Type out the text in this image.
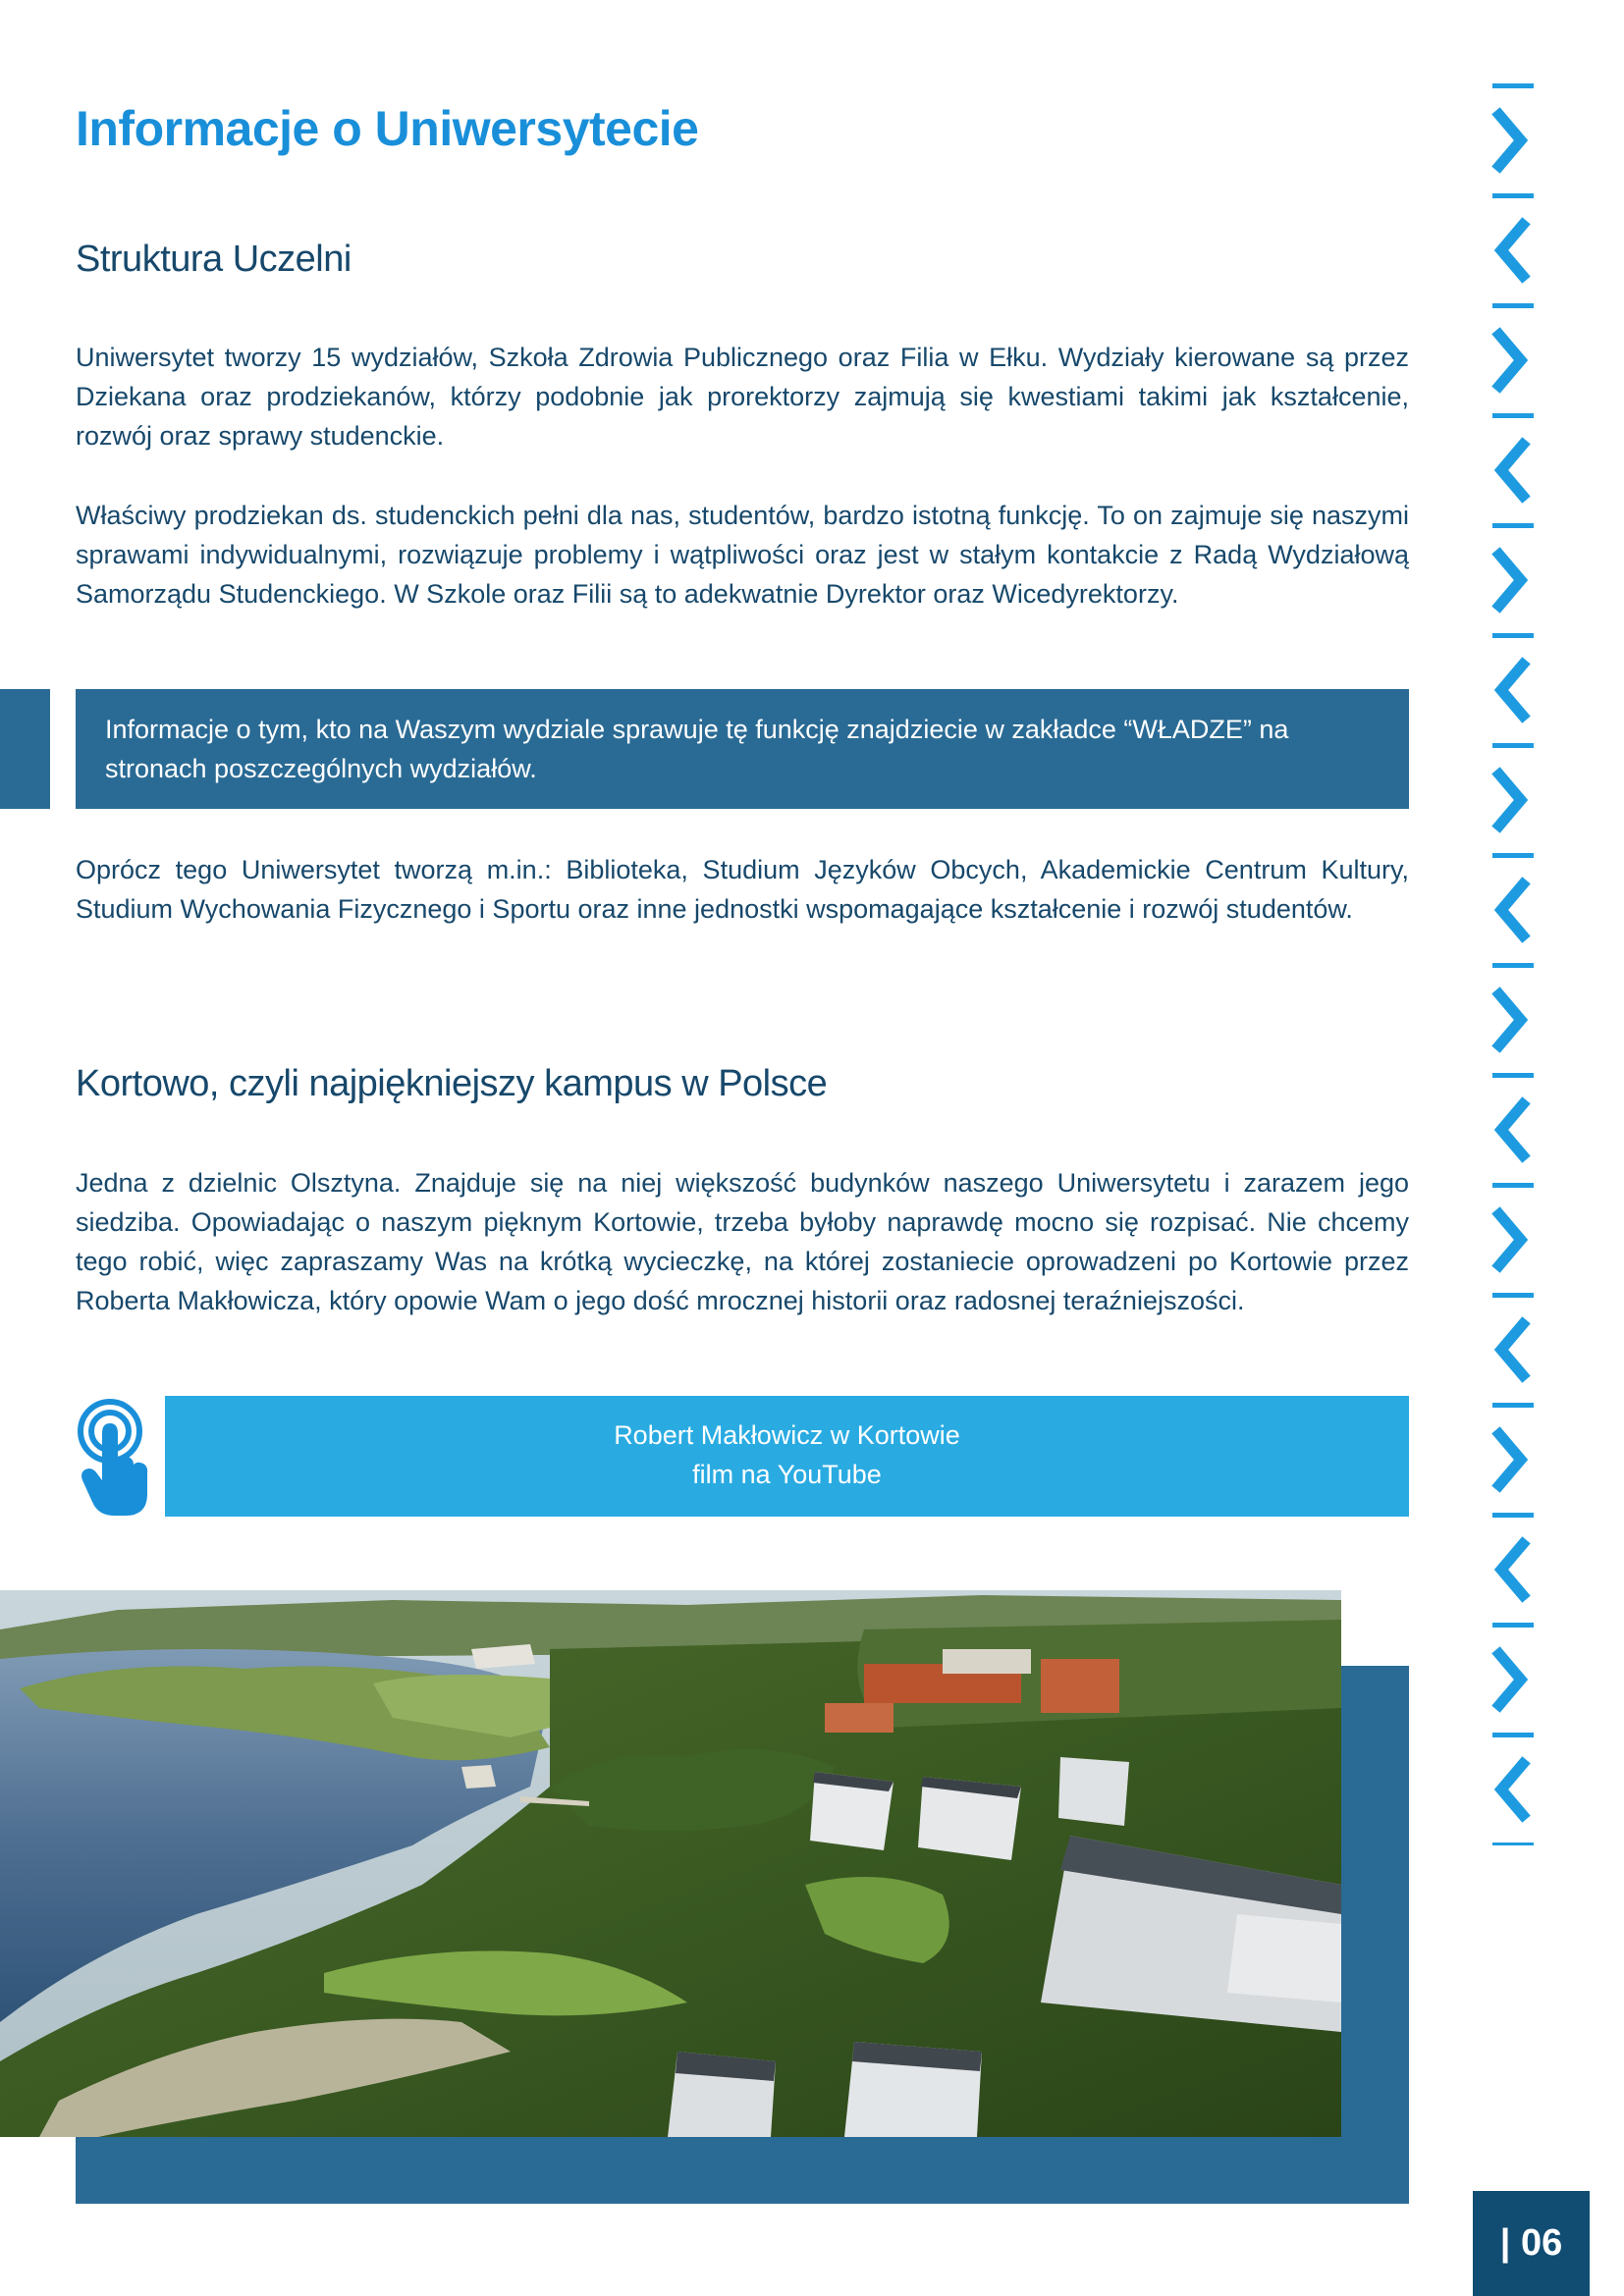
Informacje o Uniwersytecie
Struktura Uczelni

Uniwersytet tworzy 15 wydziałów, Szkoła Zdrowia Publicznego oraz Filia w Ełku. Wydziały kierowane są przez Dziekana oraz prodziekanów, którzy podobnie jak prorektorzy zajmują się kwestiami takimi jak kształcenie, rozwój oraz sprawy studenckie.

Właściwy prodziekan ds. studenckich pełni dla nas, studentów, bardzo istotną funkcję. To on zajmuje się naszymi sprawami indywidualnymi, rozwiązuje problemy i wątpliwości oraz jest w stałym kontakcie z Radą Wydziałową Samorządu Studenckiego. W Szkole oraz Filii są to adekwatnie Dyrektor oraz Wicedyrektorzy.

Informacje o tym, kto na Waszym wydziale sprawuje tę funkcję znajdziecie w zakładce “WŁADZE” na stronach poszczególnych wydziałów.

Oprócz tego Uniwersytet tworzą m.in.: Biblioteka, Studium Języków Obcych, Akademickie Centrum Kultury, Studium Wychowania Fizycznego i Sportu oraz inne jednostki wspomagające kształcenie i rozwój studentów.

Kortowo, czyli najpiękniejszy kampus w Polsce

Jedna z dzielnic Olsztyna. Znajduje się na niej większość budynków naszego Uniwersytetu i zarazem jego siedziba. Opowiadając o naszym pięknym Kortowie, trzeba byłoby naprawdę mocno się rozpisać. Nie chcemy tego robić, więc zapraszamy Was na krótką wycieczkę, na której zostaniecie oprowadzeni po Kortowie przez Roberta Makłowicza, który opowie Wam o jego dość mrocznej historii oraz radosnej teraźniejszości.

Robert Makłowicz w Kortowie
film na YouTube
| 06
